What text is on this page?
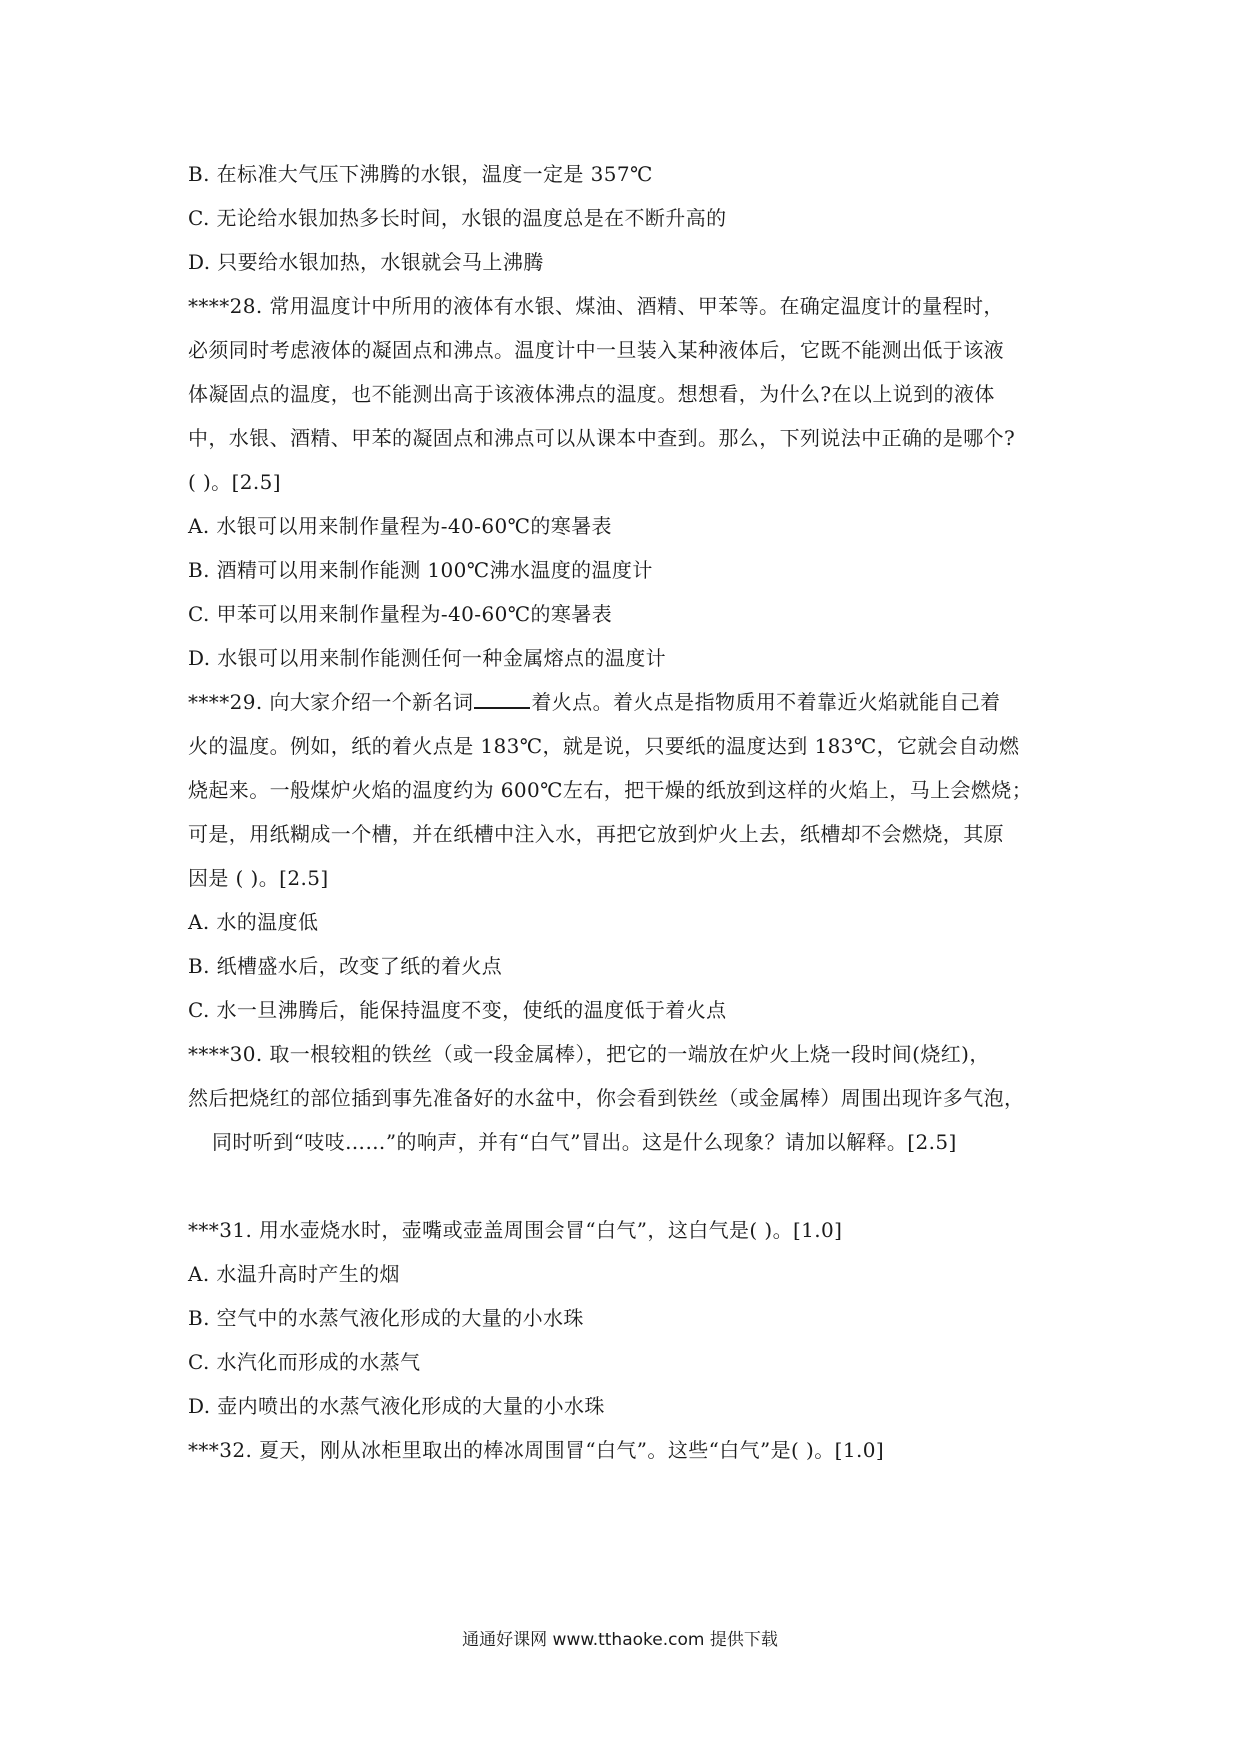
B. 在标准大气压下沸腾的水银，温度一定是 357℃
C. 无论给水银加热多长时间，水银的温度总是在不断升高的
D. 只要给水银加热，水银就会马上沸腾
****28. 常用温度计中所用的液体有水银、煤油、酒精、甲苯等。在确定温度计的量程时，
必须同时考虑液体的凝固点和沸点。温度计中一旦装入某种液体后，它既不能测出低于该液
体凝固点的温度，也不能测出高于该液体沸点的温度。想想看，为什么?在以上说到的液体
中，水银、酒精、甲苯的凝固点和沸点可以从课本中查到。那么，下列说法中正确的是哪个?
( )。[2.5]
A. 水银可以用来制作量程为-40-60℃的寒暑表
B. 酒精可以用来制作能测 100℃沸水温度的温度计
C. 甲苯可以用来制作量程为-40-60℃的寒暑表
D. 水银可以用来制作能测任何一种金属熔点的温度计
****29. 向大家介绍一个新名词	着火点。着火点是指物质用不着靠近火焰就能自己着
火的温度。例如，纸的着火点是 183℃，就是说，只要纸的温度达到 183℃，它就会自动燃
烧起来。一般煤炉火焰的温度约为 600℃左右，把干燥的纸放到这样的火焰上，马上会燃烧；
可是，用纸糊成一个槽，并在纸槽中注入水，再把它放到炉火上去，纸槽却不会燃烧，其原
因是 ( )。[2.5]
A. 水的温度低
B. 纸槽盛水后，改变了纸的着火点
C. 水一旦沸腾后，能保持温度不变，使纸的温度低于着火点
****30. 取一根较粗的铁丝（或一段金属棒），把它的一端放在炉火上烧一段时间(烧红)，
然后把烧红的部位插到事先准备好的水盆中，你会看到铁丝（或金属棒）周围出现许多气泡，
同时听到“吱吱……”的响声，并有“白气”冒出。这是什么现象？请加以解释。[2.5]
***31. 用水壶烧水时，壶嘴或壶盖周围会冒“白气”，这白气是( )。[1.0]
A. 水温升高时产生的烟
B. 空气中的水蒸气液化形成的大量的小水珠
C. 水汽化而形成的水蒸气
D. 壶内喷出的水蒸气液化形成的大量的小水珠
***32. 夏天，刚从冰柜里取出的棒冰周围冒“白气”。这些“白气”是( )。[1.0]
通通好课网 www.tthaoke.com 提供下载
